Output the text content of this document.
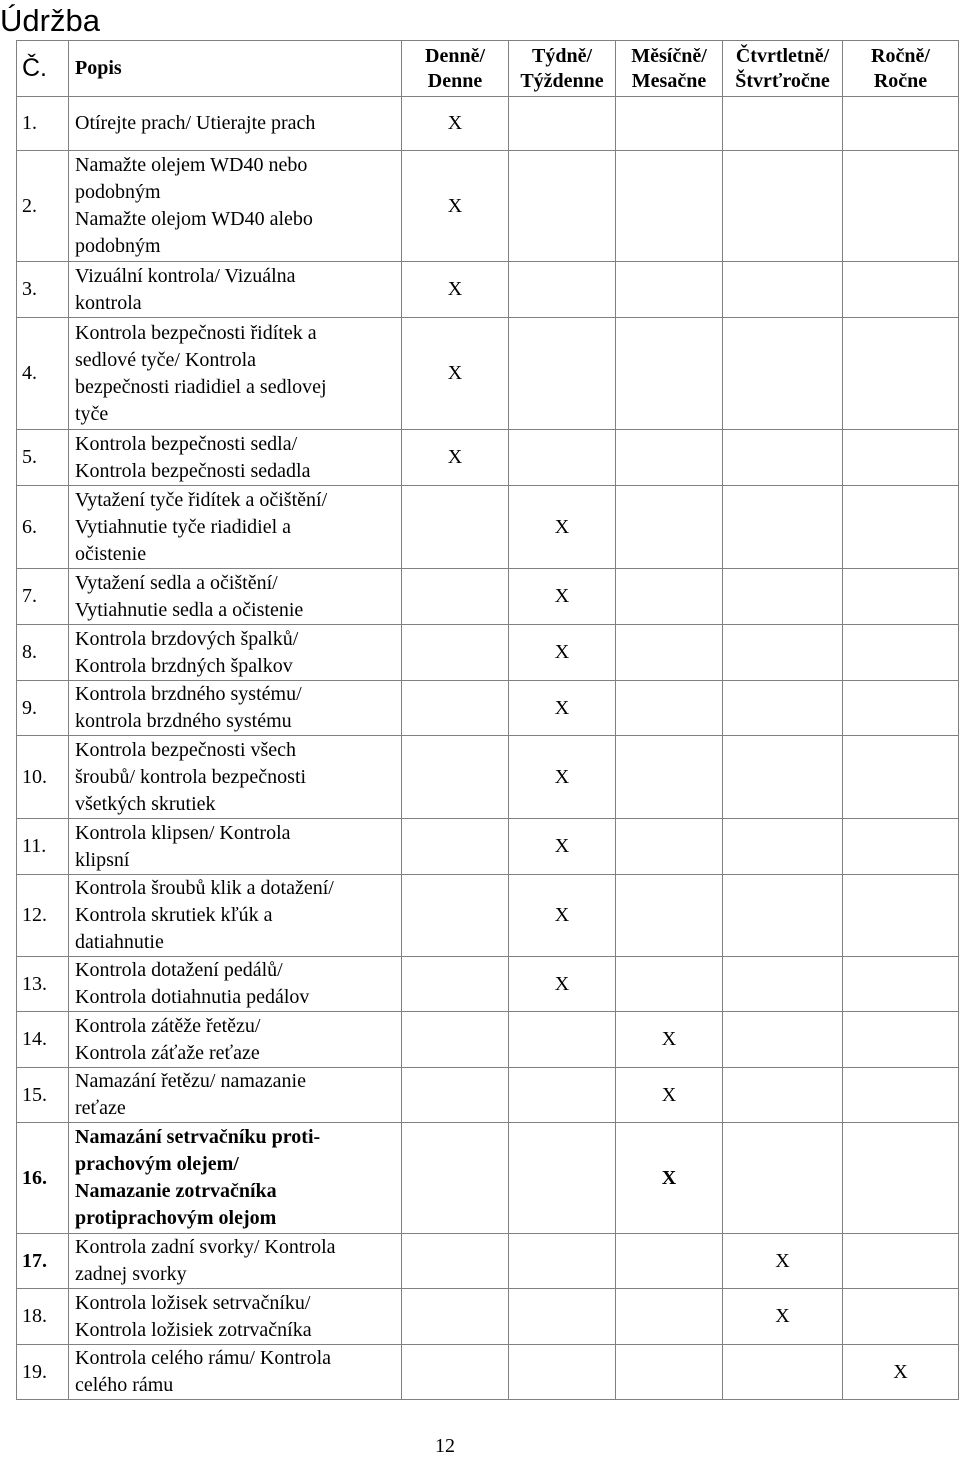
Údržba
Č.	Popis	Denně/ Denne	Týdně/ Týždenne	Měsíčně/ Mesačne	Čtvrtletně/ Štvrťročne	Ročně/ Ročne
1.	Otírejte prach/ Utierajte prach	X				
2.	Namažte olejem WD40 nebo
podobným
Namažte olejom WD40 alebo
podobným	X				
3.	Vizuální kontrola/ Vizuálna
kontrola	X				
4.	Kontrola bezpečnosti řidítek a
sedlové tyče/ Kontrola
bezpečnosti riadidiel a sedlovej
tyče	X				
5.	Kontrola bezpečnosti sedla/
Kontrola bezpečnosti sedadla	X				
6.	Vytažení tyče řidítek a očištění/
Vytiahnutie tyče riadidiel a
očistenie		X			
7.	Vytažení sedla a očištění/
Vytiahnutie sedla a očistenie		X			
8.	Kontrola brzdových špalků/
Kontrola brzdných špalkov		X			
9.	Kontrola brzdného systému/
kontrola brzdného systému		X			
10.	Kontrola bezpečnosti všech
šroubů/ kontrola bezpečnosti
všetkých skrutiek		X			
11.	Kontrola klipsen/ Kontrola
klipsní		X			
12.	Kontrola šroubů klik a dotažení/
Kontrola skrutiek kľúk a
datiahnutie		X			
13.	Kontrola dotažení pedálů/
Kontrola dotiahnutia pedálov		X			
14.	Kontrola zátěže řetězu/
Kontrola záťaže reťaze			X		
15.	Namazání řetězu/ namazanie
reťaze			X		
16.	Namazání setrvačníku proti-
prachovým olejem/
Namazanie zotrvačníka
protiprachovým olejom			X		
17.	Kontrola zadní svorky/ Kontrola
zadnej svorky				X	
18.	Kontrola ložisek setrvačníku/
Kontrola ložisiek zotrvačníka				X	
19.	Kontrola celého rámu/ Kontrola
celého rámu					X
12
